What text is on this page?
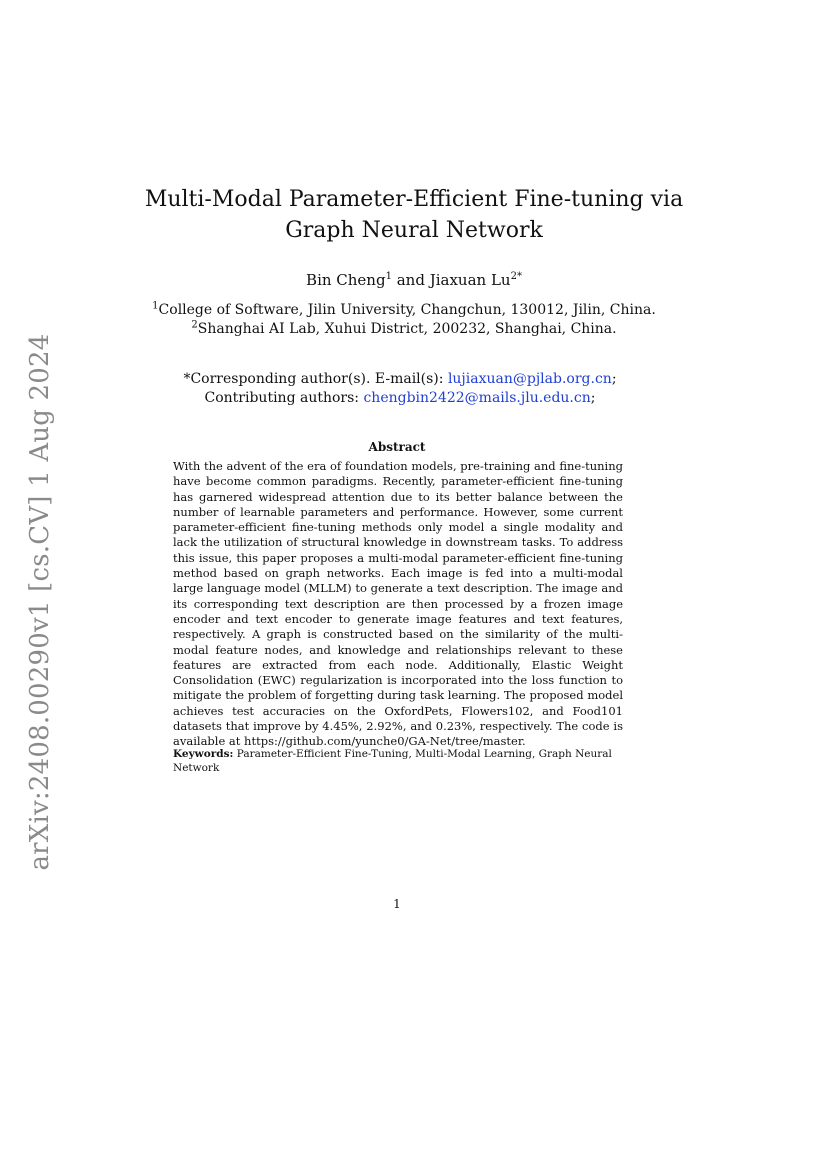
arXiv:2408.00290v1 [cs.CV] 1 Aug 2024
Multi-Modal Parameter-Efficient Fine-tuning via
Graph Neural Network
Bin Cheng$^1$ and Jiaxuan $Lu^{2*}$
$^1$College of Software, Jilin University, Changchun, 130012, Jilin, China.
$^2$Shanghai AI Lab, Xuhui District, 200232, Shanghai, China.
*Corresponding author(s). E-mail(s): lujiaxuan@pjlab.org.cn;
Contributing authors: chengbin2422@mails.jlu.edu.cn;
Abstract
With the advent of the era of foundation models, pre-training and fine-tuning have become common paradigms. Recently, parameter-efficient fine-tuning has garnered widespread attention due to its better balance between the number of learnable parameters and performance. However, some current parameter-efficient fine-tuning methods only model a single modality and lack the utilization of structural knowledge in downstream tasks. To address this issue, this paper proposes a multi-modal parameter-efficient fine-tuning method based on graph networks. Each image is fed into a multi-modal large language model (MLLM) to generate a text description. The image and its corresponding text description are then processed by a frozen image encoder and text encoder to generate image features and text features, respectively. A graph is constructed based on the similarity of the multi-modal feature nodes, and knowledge and relationships relevant to these features are extracted from each node. Additionally, Elastic Weight Consolidation (EWC) regularization is incorporated into the loss function to mitigate the problem of forgetting during task learning. The proposed model achieves test accuracies on the OxfordPets, Flowers102, and Food101 datasets that improve by 4.45%, 2.92%, and 0.23%, respectively. The code is available at https://github.com/yunche0/GA-Net/tree/master.
Keywords: Parameter-Efficient Fine-Tuning, Multi-Modal Learning, Graph Neural Network
1
